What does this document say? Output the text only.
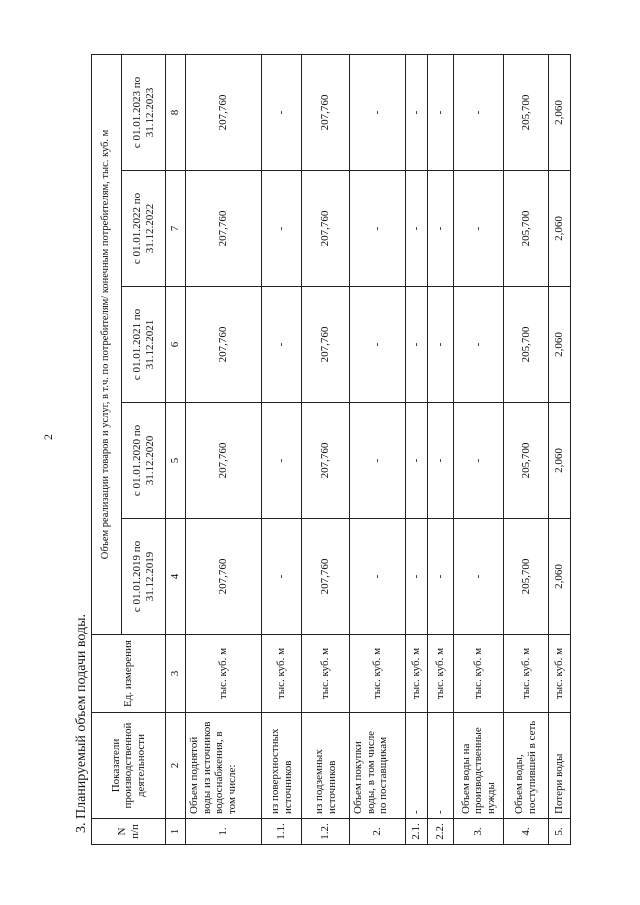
2
3. Планируемый объем подачи воды. N п/п	Показатели производственной деятельности	Ед. измерения	Объем реализации товаров и услуг, в т.ч. по потребителям/ конечным потребителям, тыс. куб. м				
			с 01.01.2019 по 31.12.2019	с 01.01.2020 по 31.12.2020	с 01.01.2021 по 31.12.2021	с 01.01.2022 по 31.12.2022	с 01.01.2023 по 31.12.2023
1	2	3	4	5	6	7	8
1.	Объем поднятой воды из источников водоснабжения, в том числе:	тыс. куб. м	207,760	207,760	207,760	207,760	207,760
1.1.	из поверхностных источников	тыс. куб. м	-	-	-	-	-
1.2.	из подземных источников	тыс. куб. м	207,760	207,760	207,760	207,760	207,760
2.	Объем покупки воды, в том числе по поставщикам	тыс. куб. м	-	-	-	-	-
2.1.	-	тыс. куб. м	-	-	-	-	-
2.2.	-	тыс. куб. м	-	-	-	-	-
3.	Объем воды на производственные нужды	тыс. куб. м	-	-	-	-	-
4.	Объем воды, поступившей в сеть	тыс. куб. м	205,700	205,700	205,700	205,700	205,700
5.	Потери воды	тыс. куб. м	2,060	2,060	2,060	2,060	2,060
